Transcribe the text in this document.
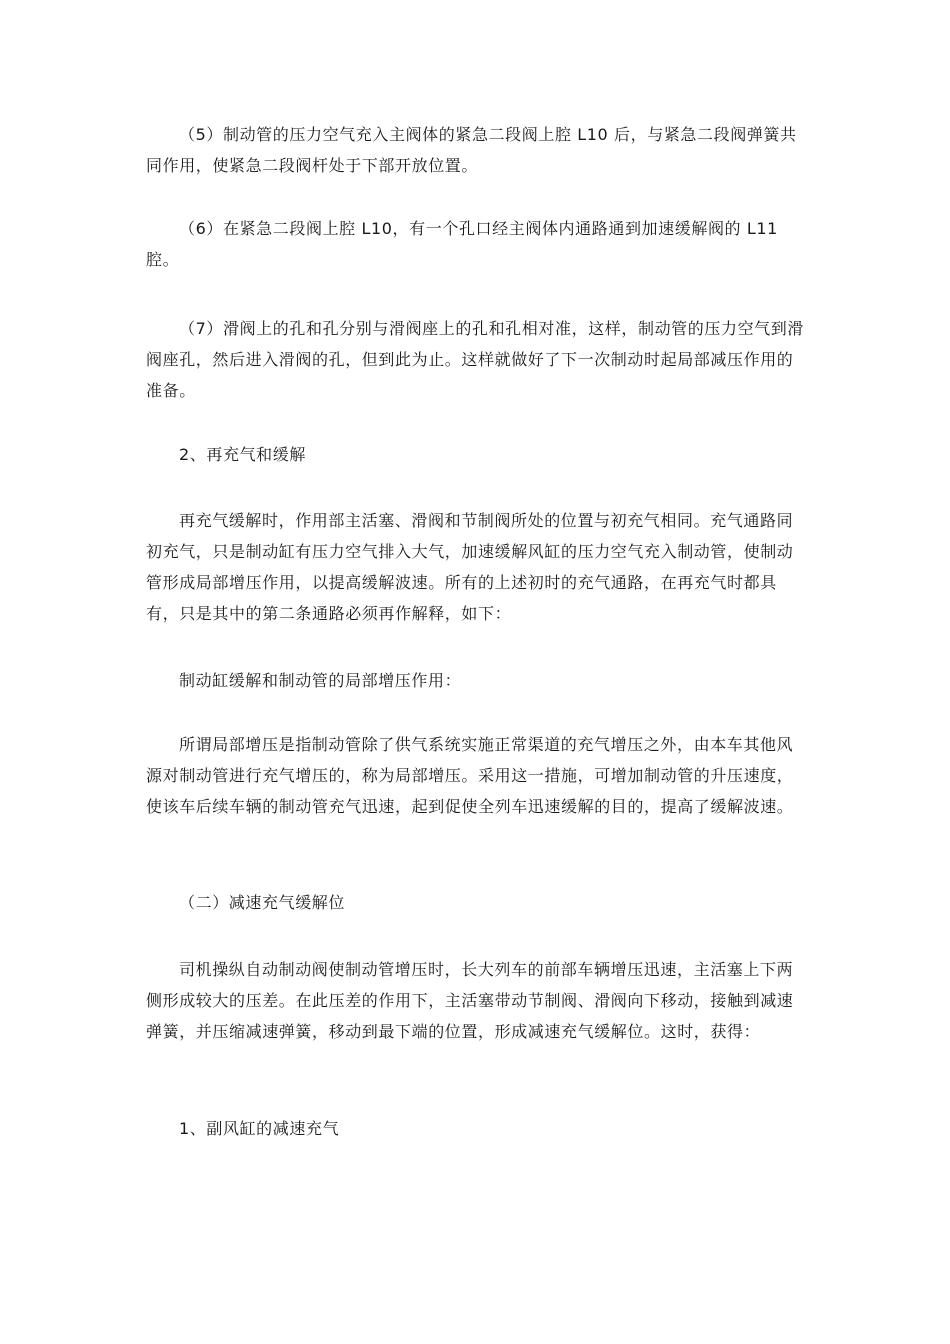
（5）制动管的压力空气充入主阀体的紧急二段阀上腔 L10 后，与紧急二段阀弹簧共同作用，使紧急二段阀杆处于下部开放位置。

（6）在紧急二段阀上腔 L10，有一个孔口经主阀体内通路通到加速缓解阀的 L11 腔。

（7）滑阀上的孔和孔分别与滑阀座上的孔和孔相对准，这样，制动管的压力空气到滑阀座孔，然后进入滑阀的孔，但到此为止。这样就做好了下一次制动时起局部减压作用的准备。

2、再充气和缓解

再充气缓解时，作用部主活塞、滑阀和节制阀所处的位置与初充气相同。充气通路同初充气，只是制动缸有压力空气排入大气，加速缓解风缸的压力空气充入制动管，使制动管形成局部增压作用，以提高缓解波速。所有的上述初时的充气通路，在再充气时都具有，只是其中的第二条通路必须再作解释，如下：

制动缸缓解和制动管的局部增压作用：

所谓局部增压是指制动管除了供气系统实施正常渠道的充气增压之外，由本车其他风源对制动管进行充气增压的，称为局部增压。采用这一措施，可增加制动管的升压速度，使该车后续车辆的制动管充气迅速，起到促使全列车迅速缓解的目的，提高了缓解波速。

（二）减速充气缓解位

司机操纵自动制动阀使制动管增压时，长大列车的前部车辆增压迅速，主活塞上下两侧形成较大的压差。在此压差的作用下，主活塞带动节制阀、滑阀向下移动，接触到减速弹簧，并压缩减速弹簧，移动到最下端的位置，形成减速充气缓解位。这时，获得：

1、副风缸的减速充气
